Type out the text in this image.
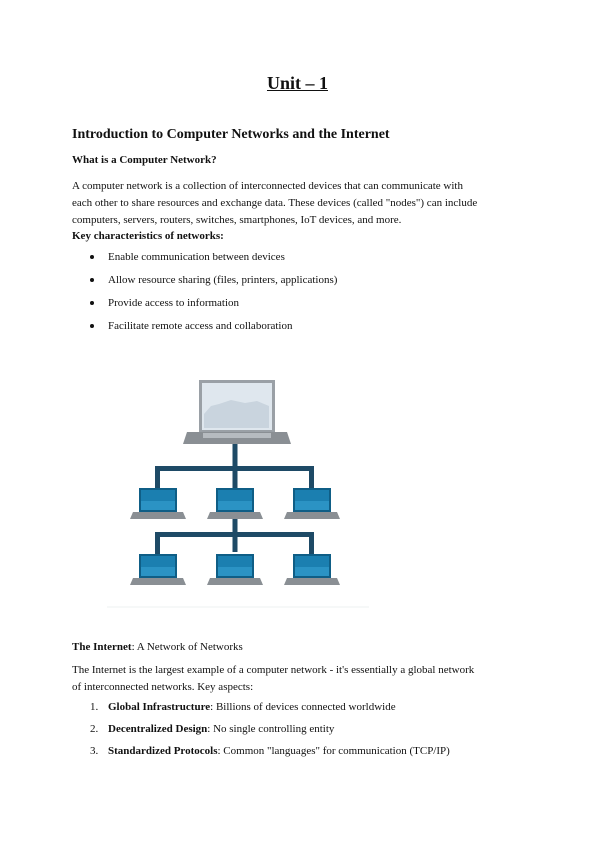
Unit – 1
Introduction to Computer Networks and the Internet
What is a Computer Network?

A computer network is a collection of interconnected devices that can communicate with
each other to share resources and exchange data. These devices (called "nodes") can include
computers, servers, routers, switches, smartphones, IoT devices, and more.

Key characteristics of networks:
Enable communication between devices
Allow resource sharing (files, printers, applications)
Provide access to information
Facilitate remote access and collaboration

The Internet: A Network of Networks

The Internet is the largest example of a computer network - it's essentially a global network
of interconnected networks. Key aspects:

1. Global Infrastructure: Billions of devices connected worldwide
2. Decentralized Design: No single controlling entity
3. Standardized Protocols: Common "languages" for communication (TCP/IP)
